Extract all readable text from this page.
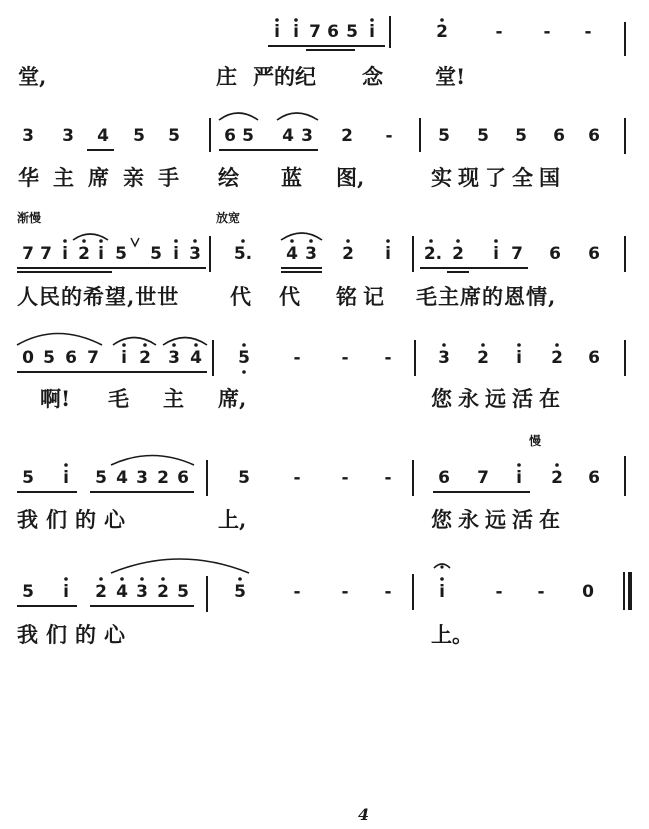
i i 7 6 5 i	2	-	-	-
堂,	庄 严的纪 念 堂!
3 3 4 5 5	6 5 4 3 2	-	5 5 5 6 6
华主席亲手 绘 蓝 图,	实现了全国
渐慢	放宽
7 7 i 2 i 5 5 i 3 5. 4 3 2	i	2. 2	i 7 6 6
人民的希望,世世 代 代 铭记 毛主席的恩情,
0 5 6 7	i 2 3 4 5	-	-	-	3 2	i	2 6
啊! 毛 主 席,	您永远活在
慢
5	i	5 4 3 2 6	5	-	-	-	6 7	i	2 6
我们的心	上,	您永远活在
5	i	2 4 3 2 5	5	-	-	-	i	-	-	0
我们的心	上。
4
